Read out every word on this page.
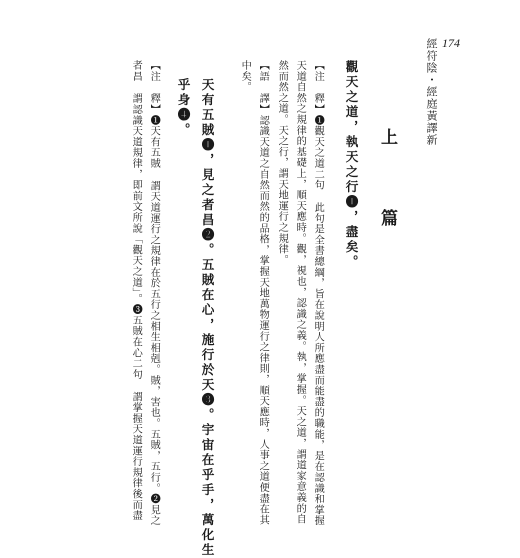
經符陰・經庭黃譯新 174
上 篇
觀天之道，執天之行❶，盡矣。
【注 釋】❶觀天之道二句 此句是全書總綱，旨在說明人所應盡而能盡的職能，是在認識和掌握
天道自然之規律的基礎上，順天應時。觀，視也，認識之義。執，掌握。天之道，謂道家意義的自
然而然之道。天之行，謂天地運行之規律。
【語 譯】認識天道之自然而然的品格，掌握天地萬物運行之律則，順天應時，人事之道便盡在其
中矣。
天有五賊❶，見之者昌❷。五賊在心，施行於天❸。宇宙在乎手，萬化生
乎身❹。
【注 釋】❶天有五賊 謂天道運行之規律在於五行之相生相剋。賊，害也。五賊，五行。❷見之
者昌 謂認識天道規律，即前文所說「觀天之道」。❸五賊在心二句 謂掌握天道運行規律後而盡
